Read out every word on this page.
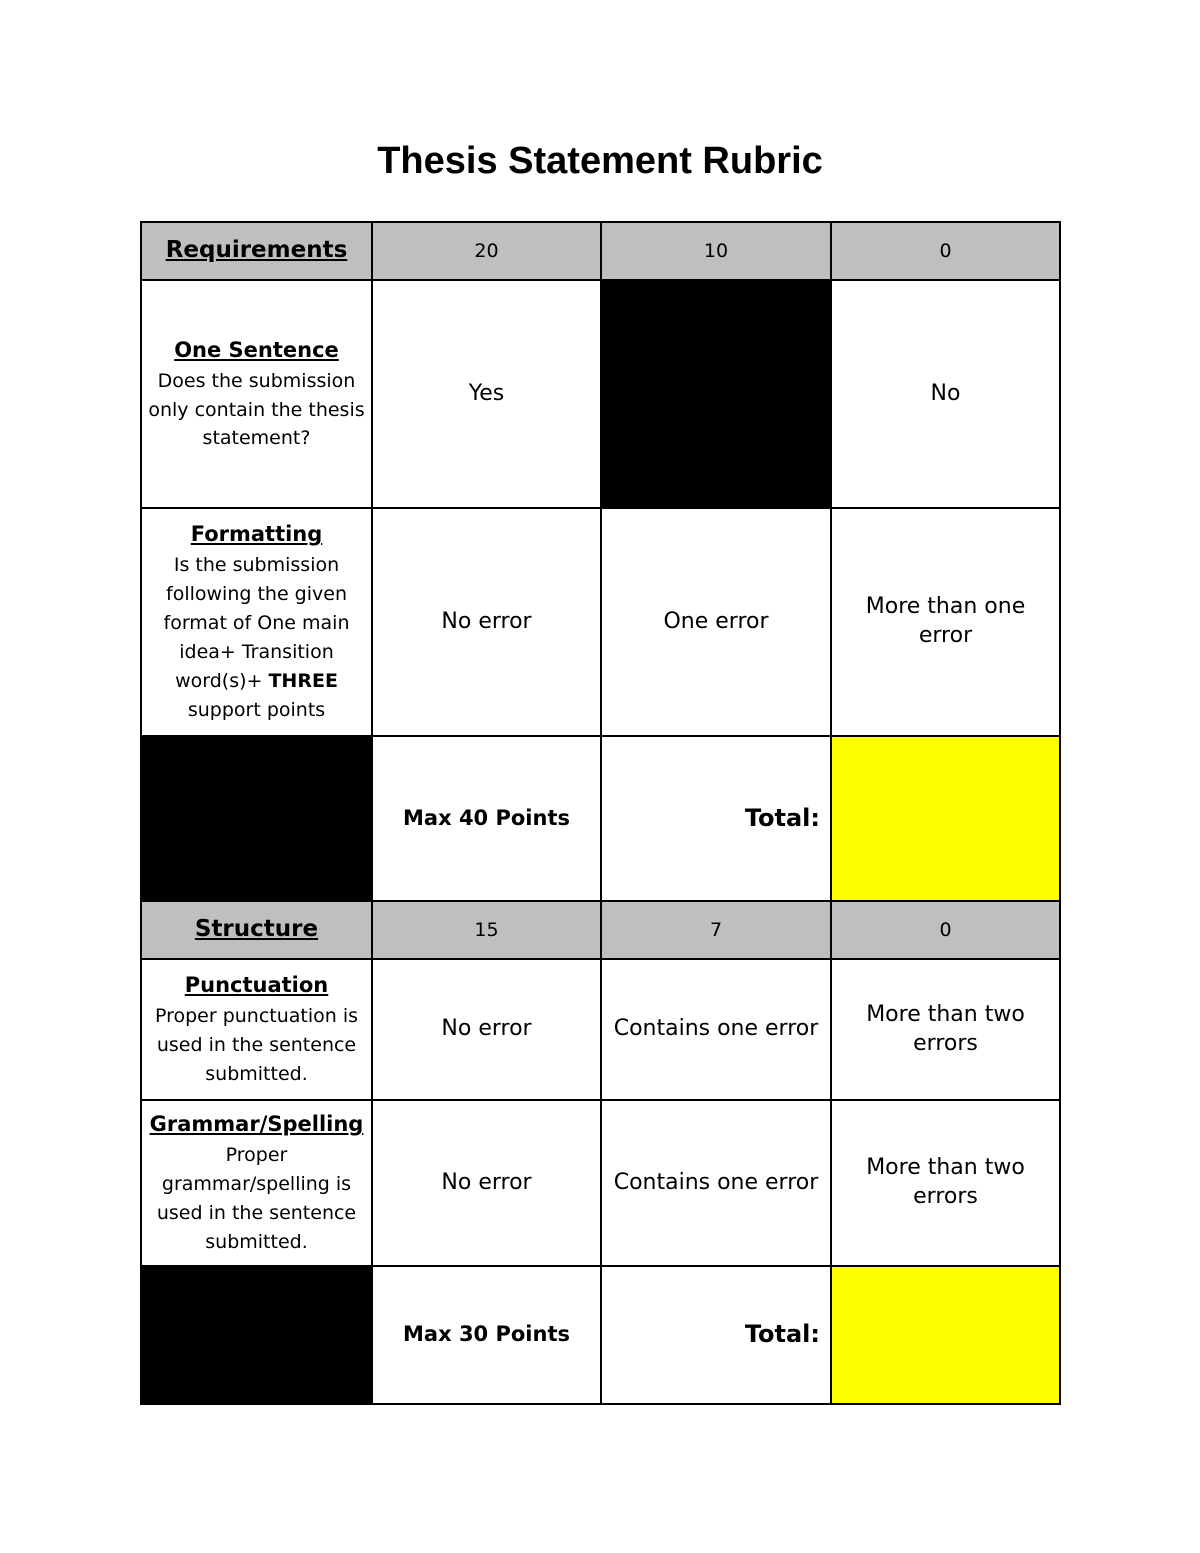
Thesis Statement Rubric
Requirements	20	10	0

One Sentence
Does the submission only contain the thesis statement?	Yes		No

Formatting
Is the submission following the given format of One main idea+ Transition word(s)+ THREE support points	No error	One error	More than one error
	Max 40 Points	Total:	
Structure	15	7	0

Punctuation
Proper punctuation is used in the sentence submitted.	No error	Contains one error	More than two errors

Grammar/Spelling
Proper grammar/spelling is used in the sentence submitted.	No error	Contains one error	More than two errors
	Max 30 Points	Total:	
